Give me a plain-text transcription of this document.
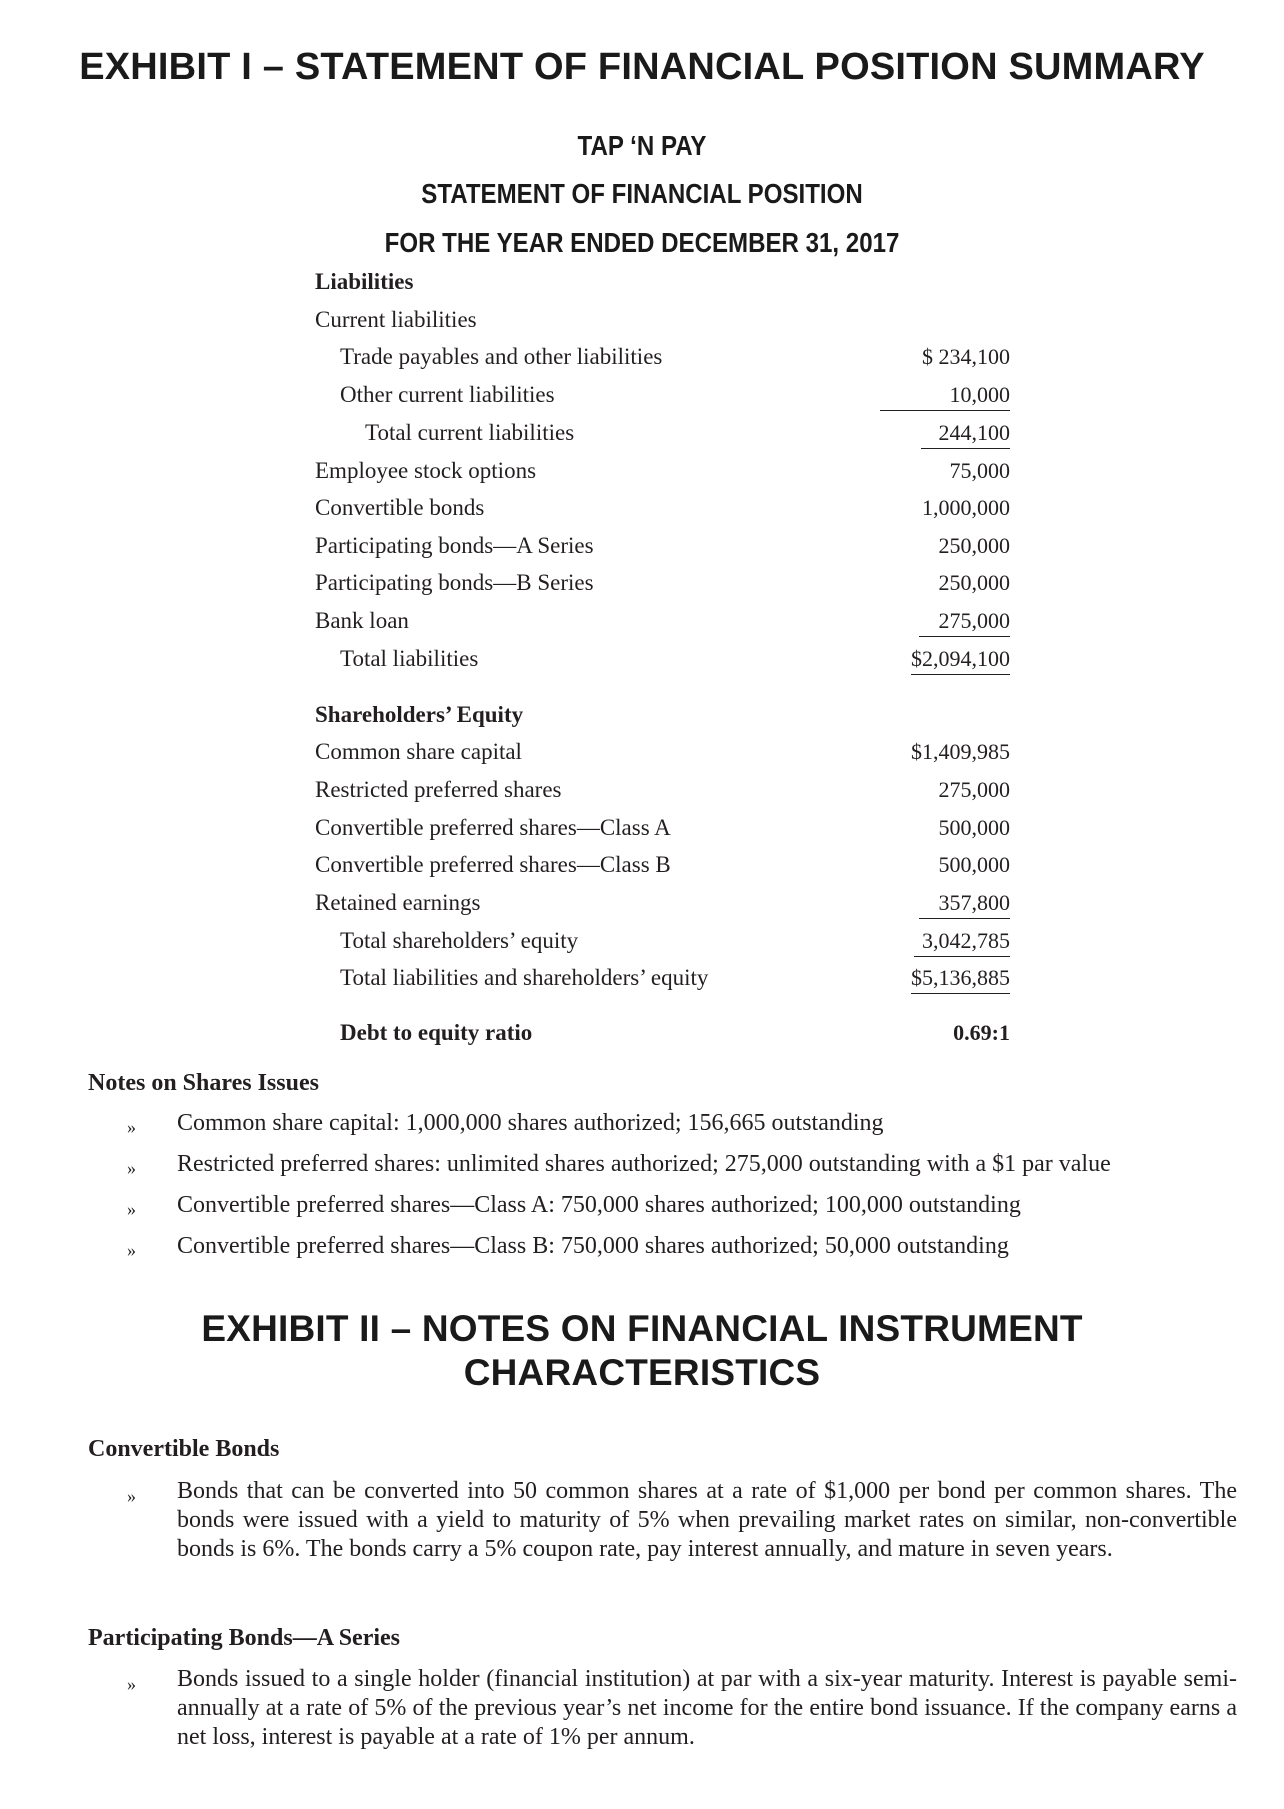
EXHIBIT I – STATEMENT OF FINANCIAL POSITION SUMMARY
TAP ‘N PAY
STATEMENT OF FINANCIAL POSITION
FOR THE YEAR ENDED DECEMBER 31, 2017
Liabilities
Current liabilities
Trade payables and other liabilities	$ 234,100
Other current liabilities	10,000
Total current liabilities	244,100
Employee stock options	75,000
Convertible bonds	1,000,000
Participating bonds—A Series	250,000
Participating bonds—B Series	250,000
Bank loan	275,000
Total liabilities	$2,094,100
Shareholders’ Equity
Common share capital	$1,409,985
Restricted preferred shares	275,000
Convertible preferred shares—Class A	500,000
Convertible preferred shares—Class B	500,000
Retained earnings	357,800
Total shareholders’ equity	3,042,785
Total liabilities and shareholders’ equity	$5,136,885
Debt to equity ratio	0.69:1
Notes on Shares Issues
» Common share capital: 1,000,000 shares authorized; 156,665 outstanding
» Restricted preferred shares: unlimited shares authorized; 275,000 outstanding with a $1 par value
» Convertible preferred shares—Class A: 750,000 shares authorized; 100,000 outstanding
» Convertible preferred shares—Class B: 750,000 shares authorized; 50,000 outstanding
EXHIBIT II – NOTES ON FINANCIAL INSTRUMENT
CHARACTERISTICS
Convertible Bonds
» Bonds that can be converted into 50 common shares at a rate of $1,000 per bond per common shares. The bonds were issued with a yield to maturity of 5% when prevailing market rates on similar, non-convertible bonds is 6%. The bonds carry a 5% coupon rate, pay interest annually, and mature in seven years.
Participating Bonds—A Series
» Bonds issued to a single holder (financial institution) at par with a six-year maturity. Interest is payable semi-annually at a rate of 5% of the previous year’s net income for the entire bond issuance. If the company earns a net loss, interest is payable at a rate of 1% per annum.
